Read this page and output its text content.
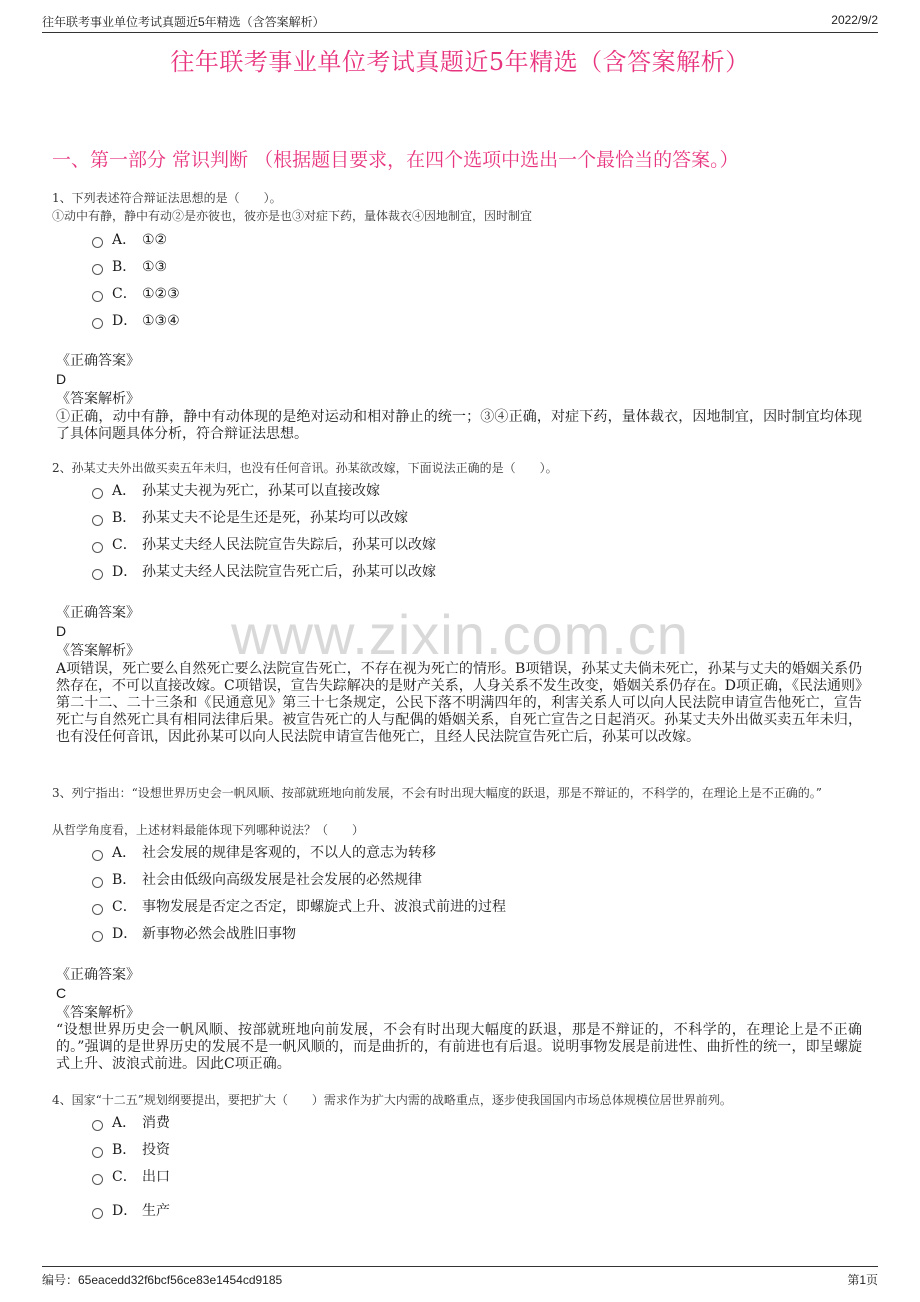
往年联考事业单位考试真题近5年精选（含答案解析）	2022/9/2
往年联考事业单位考试真题近5年精选（含答案解析）
一、第一部分 常识判断 （根据题目要求，在四个选项中选出一个最恰当的答案。）
www.zixin.com.cn
1、下列表述符合辩证法思想的是（　　）。
①动中有静，静中有动②是亦彼也，彼亦是也③对症下药，量体裁衣④因地制宜，因时制宜
A． ①②
B． ①③
C． ①②③
D． ①③④
《正确答案》
D
《答案解析》
①正确，动中有静，静中有动体现的是绝对运动和相对静止的统一；③④正确，对症下药，量体裁衣，因地制宜，因时制宜均体现了具体问题具体分析，符合辩证法思想。
2、孙某丈夫外出做买卖五年未归，也没有任何音讯。孙某欲改嫁，下面说法正确的是（　　）。
A． 孙某丈夫视为死亡，孙某可以直接改嫁
B． 孙某丈夫不论是生还是死，孙某均可以改嫁
C． 孙某丈夫经人民法院宣告失踪后，孙某可以改嫁
D． 孙某丈夫经人民法院宣告死亡后，孙某可以改嫁
《正确答案》
D
《答案解析》
A项错误，死亡要么自然死亡要么法院宣告死亡，不存在视为死亡的情形。B项错误，孙某丈夫倘未死亡，孙某与丈夫的婚姻关系仍然存在，不可以直接改嫁。C项错误，宣告失踪解决的是财产关系，人身关系不发生改变，婚姻关系仍存在。D项正确，《民法通则》第二十二、二十三条和《民通意见》第三十七条规定，公民下落不明满四年的，利害关系人可以向人民法院申请宣告他死亡，宣告死亡与自然死亡具有相同法律后果。被宣告死亡的人与配偶的婚姻关系，自死亡宣告之日起消灭。孙某丈夫外出做买卖五年未归，也有没任何音讯，因此孙某可以向人民法院申请宣告他死亡，且经人民法院宣告死亡后，孙某可以改嫁。
3、列宁指出：“设想世界历史会一帆风顺、按部就班地向前发展，不会有时出现大幅度的跃退，那是不辩证的，不科学的，在理论上是不正确的。”
从哲学角度看，上述材料最能体现下列哪种说法？（　　）
A． 社会发展的规律是客观的，不以人的意志为转移
B． 社会由低级向高级发展是社会发展的必然规律
C． 事物发展是否定之否定，即螺旋式上升、波浪式前进的过程
D． 新事物必然会战胜旧事物
《正确答案》
C
《答案解析》
“设想世界历史会一帆风顺、按部就班地向前发展，不会有时出现大幅度的跃退，那是不辩证的，不科学的，在理论上是不正确的。”强调的是世界历史的发展不是一帆风顺的，而是曲折的，有前进也有后退。说明事物发展是前进性、曲折性的统一，即呈螺旋式上升、波浪式前进。因此C项正确。
4、国家“十二五”规划纲要提出，要把扩大（　　）需求作为扩大内需的战略重点，逐步使我国国内市场总体规模位居世界前列。
A． 消费
B． 投资
C． 出口
D． 生产
编号：65eacedd32f6bcf56ce83e1454cd9185	第1页
